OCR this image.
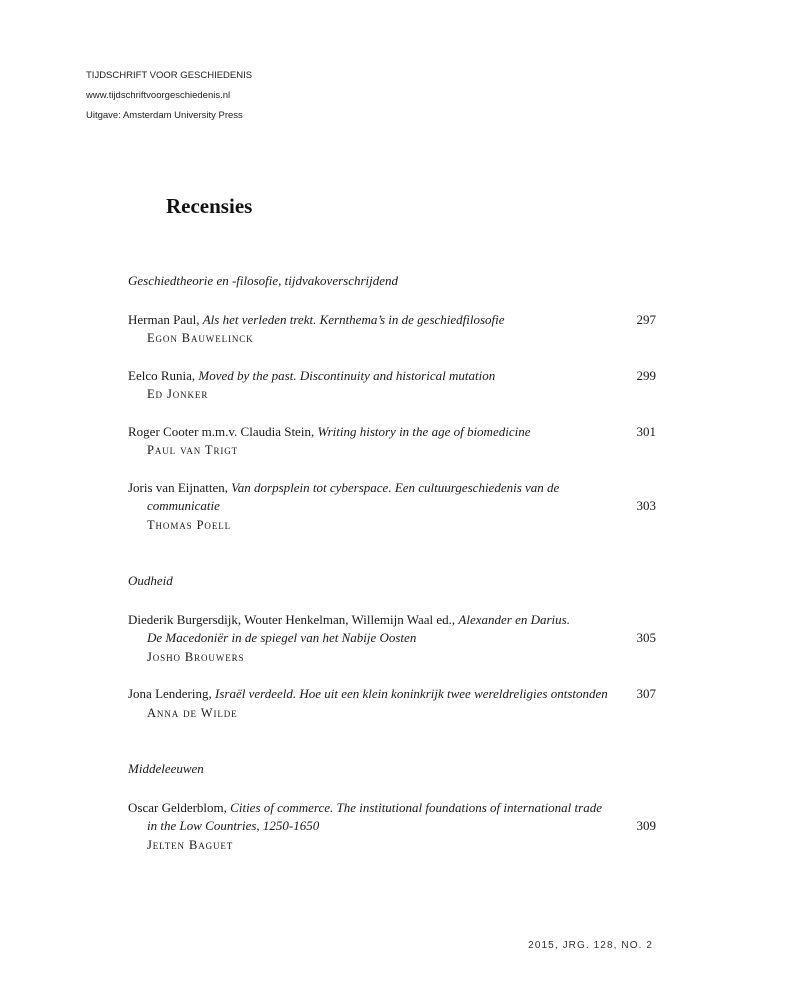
TIJDSCHRIFT VOOR GESCHIEDENIS
www.tijdschriftvoorgeschiedenis.nl
Uitgave: Amsterdam University Press
Recensies
Geschiedtheorie en -filosofie, tijdvakoverschrijdend
Herman Paul, Als het verleden trekt. Kernthema’s in de geschiedfilosofie	297
Egon Bauwelinck
Eelco Runia, Moved by the past. Discontinuity and historical mutation	299
Ed Jonker
Roger Cooter m.m.v. Claudia Stein, Writing history in the age of biomedicine	301
Paul van Trigt
Joris van Eijnatten, Van dorpsplein tot cyberspace. Een cultuurgeschiedenis van de
communicatie	303
Thomas Poell
Oudheid
Diederik Burgersdijk, Wouter Henkelman, Willemijn Waal ed., Alexander en Darius.
De Macedoniër in de spiegel van het Nabije Oosten	305
Josho Brouwers
Jona Lendering, Israël verdeeld. Hoe uit een klein koninkrijk twee wereldreligies ontstonden	307
Anna de Wilde
Middeleeuwen
Oscar Gelderblom, Cities of commerce. The institutional foundations of international trade
in the Low Countries, 1250-1650	309
Jelten Baguet
2015, JRG. 128, NO. 2
